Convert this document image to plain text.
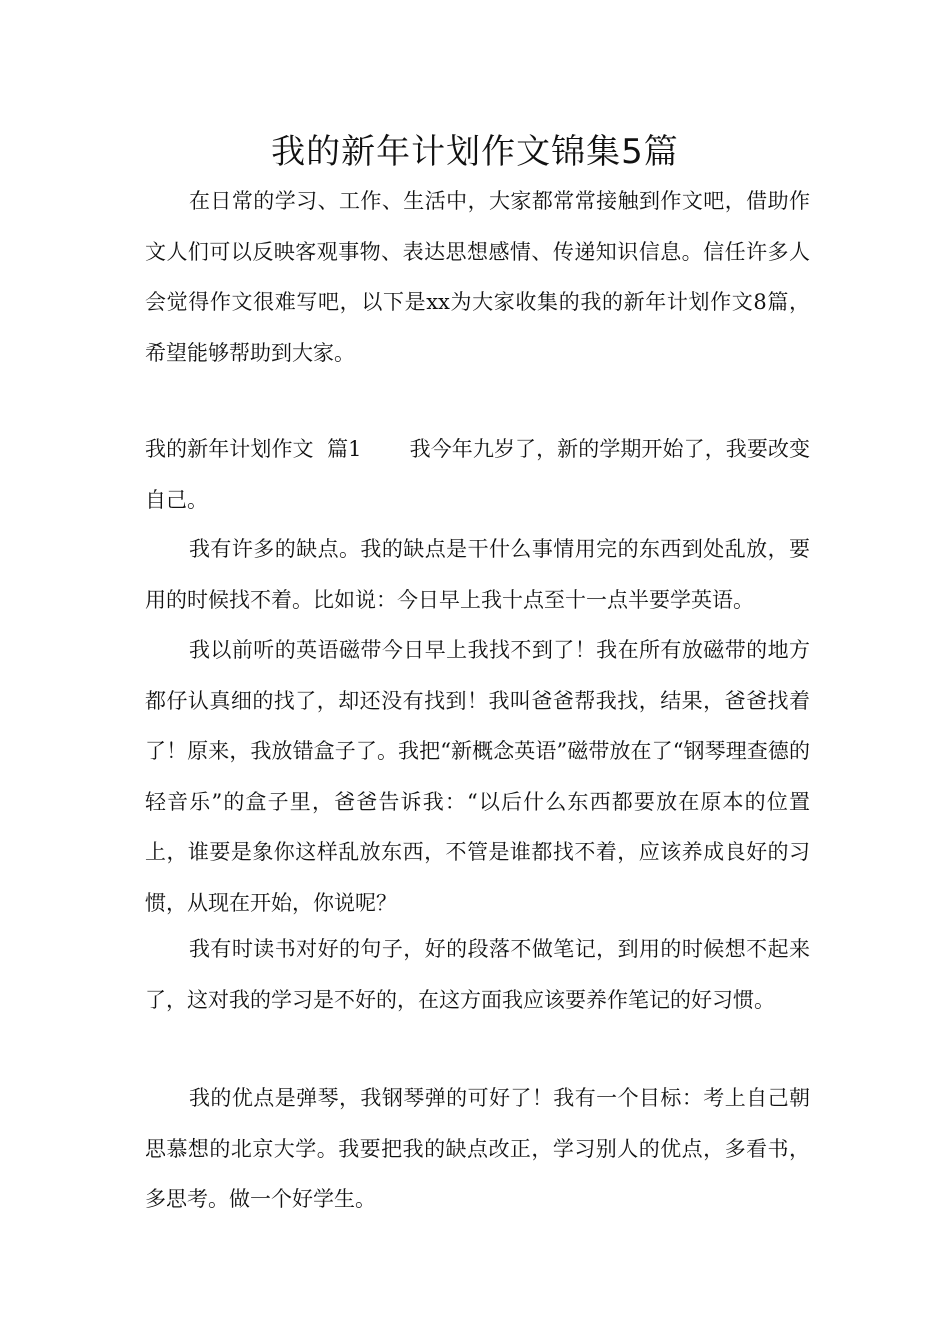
我的新年计划作文锦集5篇

在日常的学习、工作、生活中，大家都常常接触到作文吧，借助作文人们可以反映客观事物、表达思想感情、传递知识信息。信任许多人会觉得作文很难写吧，以下是xx为大家收集的我的新年计划作文8篇，希望能够帮助到大家。

我的新年计划作文  篇1 我今年九岁了，新的学期开始了，我要改变自己。

我有许多的缺点。我的缺点是干什么事情用完的东西到处乱放，要用的时候找不着。比如说：今日早上我十点至十一点半要学英语。

我以前听的英语磁带今日早上我找不到了！我在所有放磁带的地方都仔认真细的找了，却还没有找到！我叫爸爸帮我找，结果，爸爸找着了！原来，我放错盒子了。我把“新概念英语”磁带放在了“钢琴理查德的轻音乐”的盒子里，爸爸告诉我：“以后什么东西都要放在原本的位置上，谁要是象你这样乱放东西，不管是谁都找不着，应该养成良好的习惯，从现在开始，你说呢？

我有时读书对好的句子，好的段落不做笔记，到用的时候想不起来了，这对我的学习是不好的，在这方面我应该要养作笔记的好习惯。

我的优点是弹琴，我钢琴弹的可好了！我有一个目标：考上自己朝思慕想的北京大学。我要把我的缺点改正，学习别人的优点，多看书，多思考。做一个好学生。
